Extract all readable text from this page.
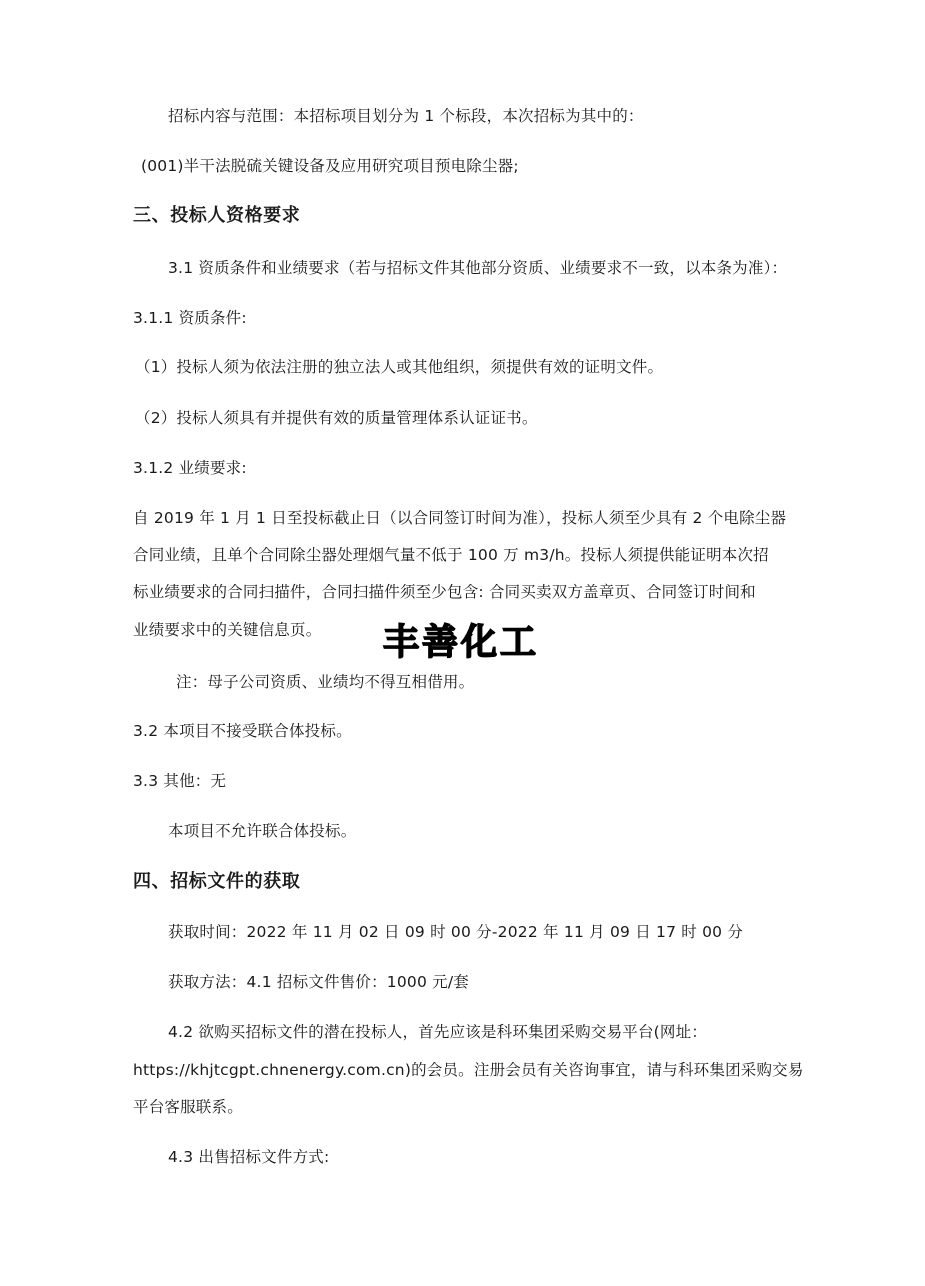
招标内容与范围：本招标项目划分为 1 个标段，本次招标为其中的：
(001)半干法脱硫关键设备及应用研究项目预电除尘器;
三、投标人资格要求
3.1 资质条件和业绩要求（若与招标文件其他部分资质、业绩要求不一致，以本条为准）：
3.1.1 资质条件:
（1）投标人须为依法注册的独立法人或其他组织，须提供有效的证明文件。
（2）投标人须具有并提供有效的质量管理体系认证证书。
3.1.2 业绩要求:
自 2019 年 1 月 1 日至投标截止日（以合同签订时间为准），投标人须至少具有 2 个电除尘器
合同业绩，且单个合同除尘器处理烟气量不低于 100 万 m3/h。投标人须提供能证明本次招
标业绩要求的合同扫描件，合同扫描件须至少包含: 合同买卖双方盖章页、合同签订时间和
业绩要求中的关键信息页。 丰善化工
注：母子公司资质、业绩均不得互相借用。
3.2 本项目不接受联合体投标。
3.3 其他：无
本项目不允许联合体投标。
四、招标文件的获取
获取时间：2022 年 11 月 02 日 09 时 00 分-2022 年 11 月 09 日 17 时 00 分
获取方法：4.1 招标文件售价：1000 元/套
4.2 欲购买招标文件的潜在投标人，首先应该是科环集团采购交易平台(网址：
https://khjtcgpt.chnenergy.com.cn)的会员。注册会员有关咨询事宜，请与科环集团采购交易
平台客服联系。
4.3 出售招标文件方式:
